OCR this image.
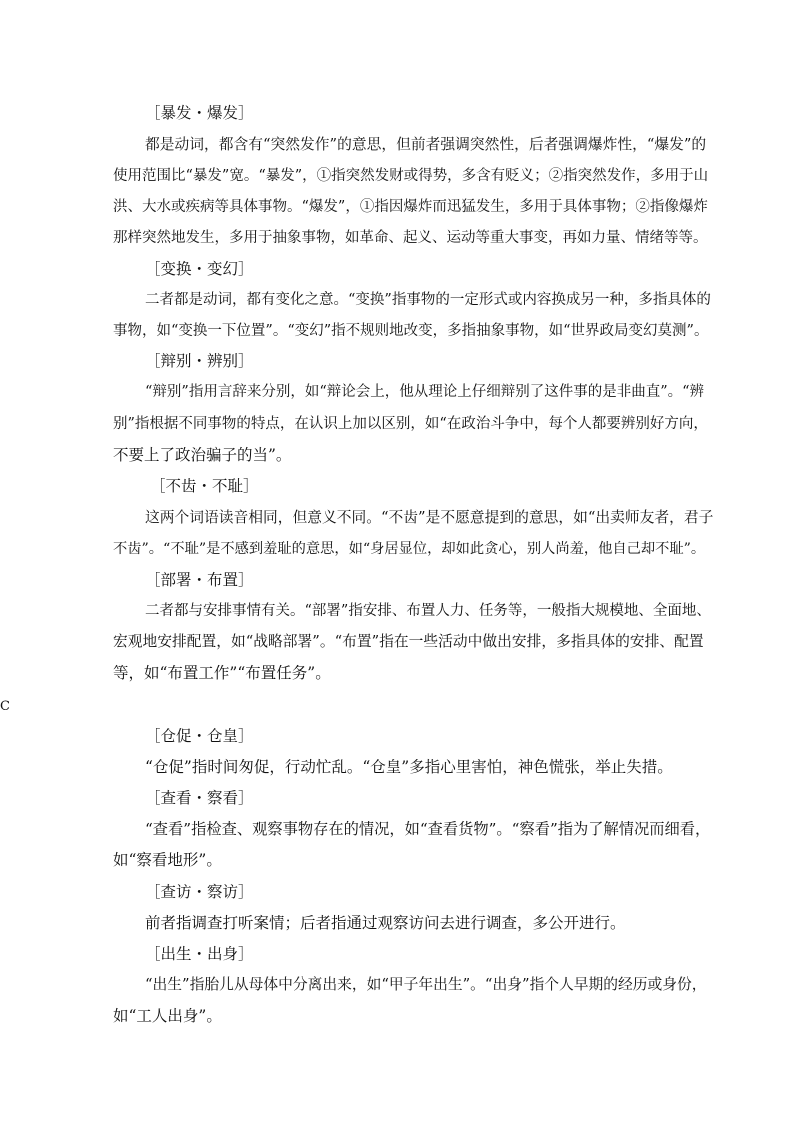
［暴发・爆发］
都是动词，都含有“突然发作”的意思，但前者强调突然性，后者强调爆炸性，“爆发”的
使用范围比“暴发”宽。“暴发”，①指突然发财或得势，多含有贬义；②指突然发作，多用于山
洪、大水或疾病等具体事物。“爆发”，①指因爆炸而迅猛发生，多用于具体事物；②指像爆炸
那样突然地发生，多用于抽象事物，如革命、起义、运动等重大事变，再如力量、情绪等等。
［变换・变幻］
二者都是动词，都有变化之意。“变换”指事物的一定形式或内容换成另一种，多指具体的
事物，如“变换一下位置”。“变幻”指不规则地改变，多指抽象事物，如“世界政局变幻莫测”。
［辩别・辨别］
“辩别”指用言辞来分别，如“辩论会上，他从理论上仔细辩别了这件事的是非曲直”。“辨
别”指根据不同事物的特点，在认识上加以区别，如“在政治斗争中，每个人都要辨别好方向，
不要上了政治骗子的当”。
［不齿・不耻］
这两个词语读音相同，但意义不同。“不齿”是不愿意提到的意思，如“出卖师友者，君子
不齿”。“不耻”是不感到羞耻的意思，如“身居显位，却如此贪心，别人尚羞，他自己却不耻”。
［部署・布置］
二者都与安排事情有关。“部署”指安排、布置人力、任务等，一般指大规模地、全面地、
宏观地安排配置，如“战略部署”。“布置”指在一些活动中做出安排，多指具体的安排、配置
等，如“布置工作”“布置任务”。
C
［仓促・仓皇］
“仓促”指时间匆促，行动忙乱。“仓皇”多指心里害怕，神色慌张，举止失措。
［查看・察看］
“查看”指检查、观察事物存在的情况，如“查看货物”。“察看”指为了解情况而细看，
如“察看地形”。
［查访・察访］
前者指调查打听案情；后者指通过观察访问去进行调查，多公开进行。
［出生・出身］
“出生”指胎儿从母体中分离出来，如“甲子年出生”。“出身”指个人早期的经历或身份，
如“工人出身”。
